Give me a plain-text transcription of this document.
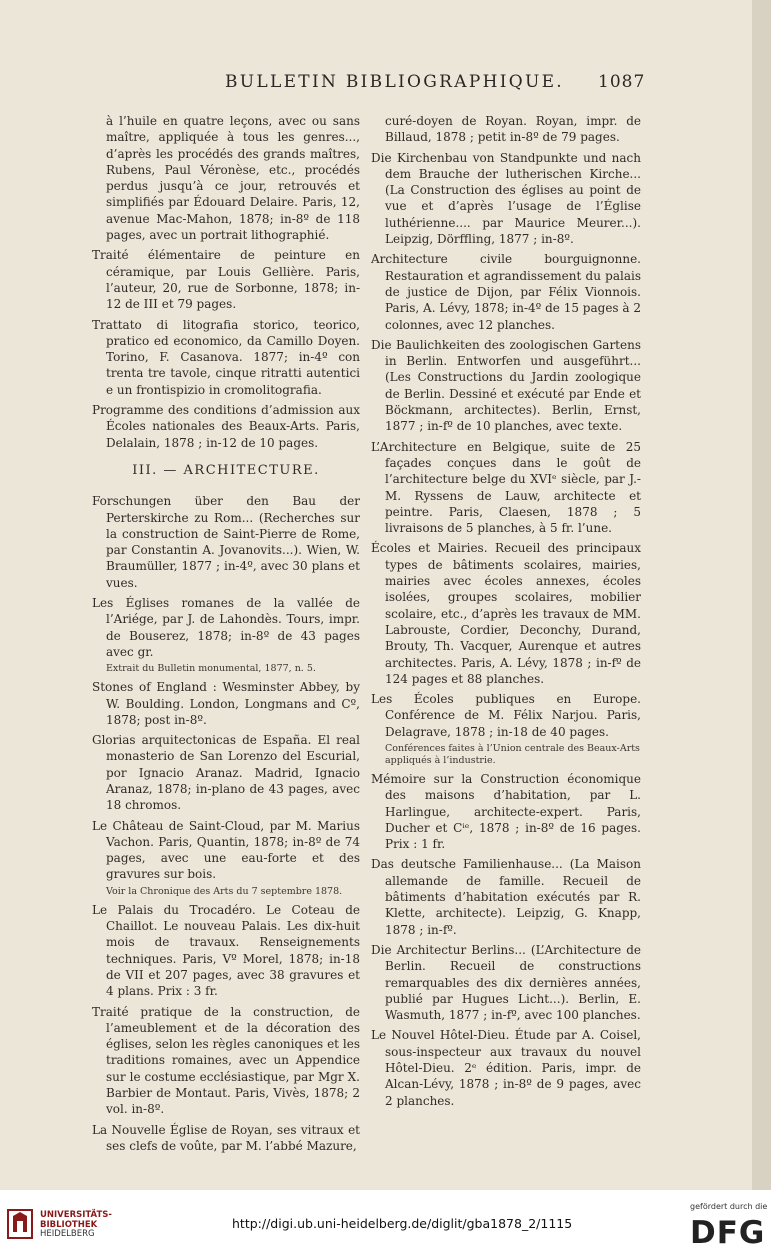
BULLETIN BIBLIOGRAPHIQUE. 1087

à l’huile en quatre leçons, avec ou sans maître, appliquée à tous les genres..., d’après les procédés des grands maîtres, Rubens, Paul Véronèse, etc., procédés perdus jusqu’à ce jour, retrouvés et simplifiés par Édouard Delaire. Paris, 12, avenue Mac-Mahon, 1878; in-8º de 118 pages, avec un portrait lithographié.

Traité élémentaire de peinture en céramique, par Louis Gellière. Paris, l’auteur, 20, rue de Sorbonne, 1878; in-12 de III et 79 pages.

Trattato di litografia storico, teorico, pratico ed economico, da Camillo Doyen. Torino, F. Casanova. 1877; in-4º con trenta tre tavole, cinque ritratti autentici e un frontispizio in cromolitografia.

Programme des conditions d’admission aux Écoles nationales des Beaux-Arts. Paris, Delalain, 1878 ; in-12 de 10 pages.

III. — ARCHITECTURE.

Forschungen über den Bau der Perterskirche zu Rom... (Recherches sur la construction de Saint-Pierre de Rome, par Constantin A. Jovanovits...). Wien, W. Braumüller, 1877 ; in-4º, avec 30 plans et vues.

Les Églises romanes de la vallée de l’Ariége, par J. de Lahondès. Tours, impr. de Bouserez, 1878; in-8º de 43 pages avec gr.

Extrait du Bulletin monumental, 1877, n. 5.

Stones of England : Wesminster Abbey, by W. Boulding. London, Longmans and Cº, 1878; post in-8º.

Glorias arquitectonicas de España. El real monasterio de San Lorenzo del Escurial, por Ignacio Aranaz. Madrid, Ignacio Aranaz, 1878; in-plano de 43 pages, avec 18 chromos.

Le Château de Saint-Cloud, par M. Marius Vachon. Paris, Quantin, 1878; in-8º de 74 pages, avec une eau-forte et des gravures sur bois.

Voir la Chronique des Arts du 7 septembre 1878.

Le Palais du Trocadéro. Le Coteau de Chaillot. Le nouveau Palais. Les dix-huit mois de travaux. Renseignements techniques. Paris, Vº Morel, 1878; in-18 de VII et 207 pages, avec 38 gravures et 4 plans. Prix : 3 fr.

Traité pratique de la construction, de l’ameublement et de la décoration des églises, selon les règles canoniques et les traditions romaines, avec un Appendice sur le costume ecclésiastique, par Mgr X. Barbier de Montaut. Paris, Vivès, 1878; 2 vol. in-8º.

La Nouvelle Église de Royan, ses vitraux et ses clefs de voûte, par M. l’abbé Mazure,

curé-doyen de Royan. Royan, impr. de Billaud, 1878 ; petit in-8º de 79 pages.

Die Kirchenbau von Standpunkte und nach dem Brauche der lutherischen Kirche... (La Construction des églises au point de vue et d’après l’usage de l’Église luthérienne.... par Maurice Meurer...). Leipzig, Dörffling, 1877 ; in-8º.

Architecture civile bourguignonne. Restauration et agrandissement du palais de justice de Dijon, par Félix Vionnois. Paris, A. Lévy, 1878; in-4º de 15 pages à 2 colonnes, avec 12 planches.

Die Baulichkeiten des zoologischen Gartens in Berlin. Entworfen und ausgeführt... (Les Constructions du Jardin zoologique de Berlin. Dessiné et exécuté par Ende et Böckmann, architectes). Berlin, Ernst, 1877 ; in-fº de 10 planches, avec texte.

L’Architecture en Belgique, suite de 25 façades conçues dans le goût de l’architecture belge du XVIᵉ siècle, par J.-M. Ryssens de Lauw, architecte et peintre. Paris, Claesen, 1878 ; 5 livraisons de 5 planches, à 5 fr. l’une.

Écoles et Mairies. Recueil des principaux types de bâtiments scolaires, mairies, mairies avec écoles annexes, écoles isolées, groupes scolaires, mobilier scolaire, etc., d’après les travaux de MM. Labrouste, Cordier, Deconchy, Durand, Brouty, Th. Vacquer, Aurenque et autres architectes. Paris, A. Lévy, 1878 ; in-fº de 124 pages et 88 planches.

Les Écoles publiques en Europe. Conférence de M. Félix Narjou. Paris, Delagrave, 1878 ; in-18 de 40 pages.

Conférences faites à l’Union centrale des Beaux-Arts appliqués à l’industrie.

Mémoire sur la Construction économique des maisons d’habitation, par L. Harlingue, architecte-expert. Paris, Ducher et Cⁱᵉ, 1878 ; in-8º de 16 pages. Prix : 1 fr.

Das deutsche Familienhause... (La Maison allemande de famille. Recueil de bâtiments d’habitation exécutés par R. Klette, architecte). Leipzig, G. Knapp, 1878 ; in-fº.

Die Architectur Berlins... (L’Architecture de Berlin. Recueil de constructions remarquables des dix dernières années, publié par Hugues Licht...). Berlin, E. Wasmuth, 1877 ; in-fº, avec 100 planches.

Le Nouvel Hôtel-Dieu. Étude par A. Coisel, sous-inspecteur aux travaux du nouvel Hôtel-Dieu. 2ᵉ édition. Paris, impr. de Alcan-Lévy, 1878 ; in-8º de 9 pages, avec 2 planches.

UNIVERSITÄTS-
BIBLIOTHEK
HEIDELBERG
http://digi.ub.uni-heidelberg.de/diglit/gba1878_2/1115
gefördert durch die
DFG
